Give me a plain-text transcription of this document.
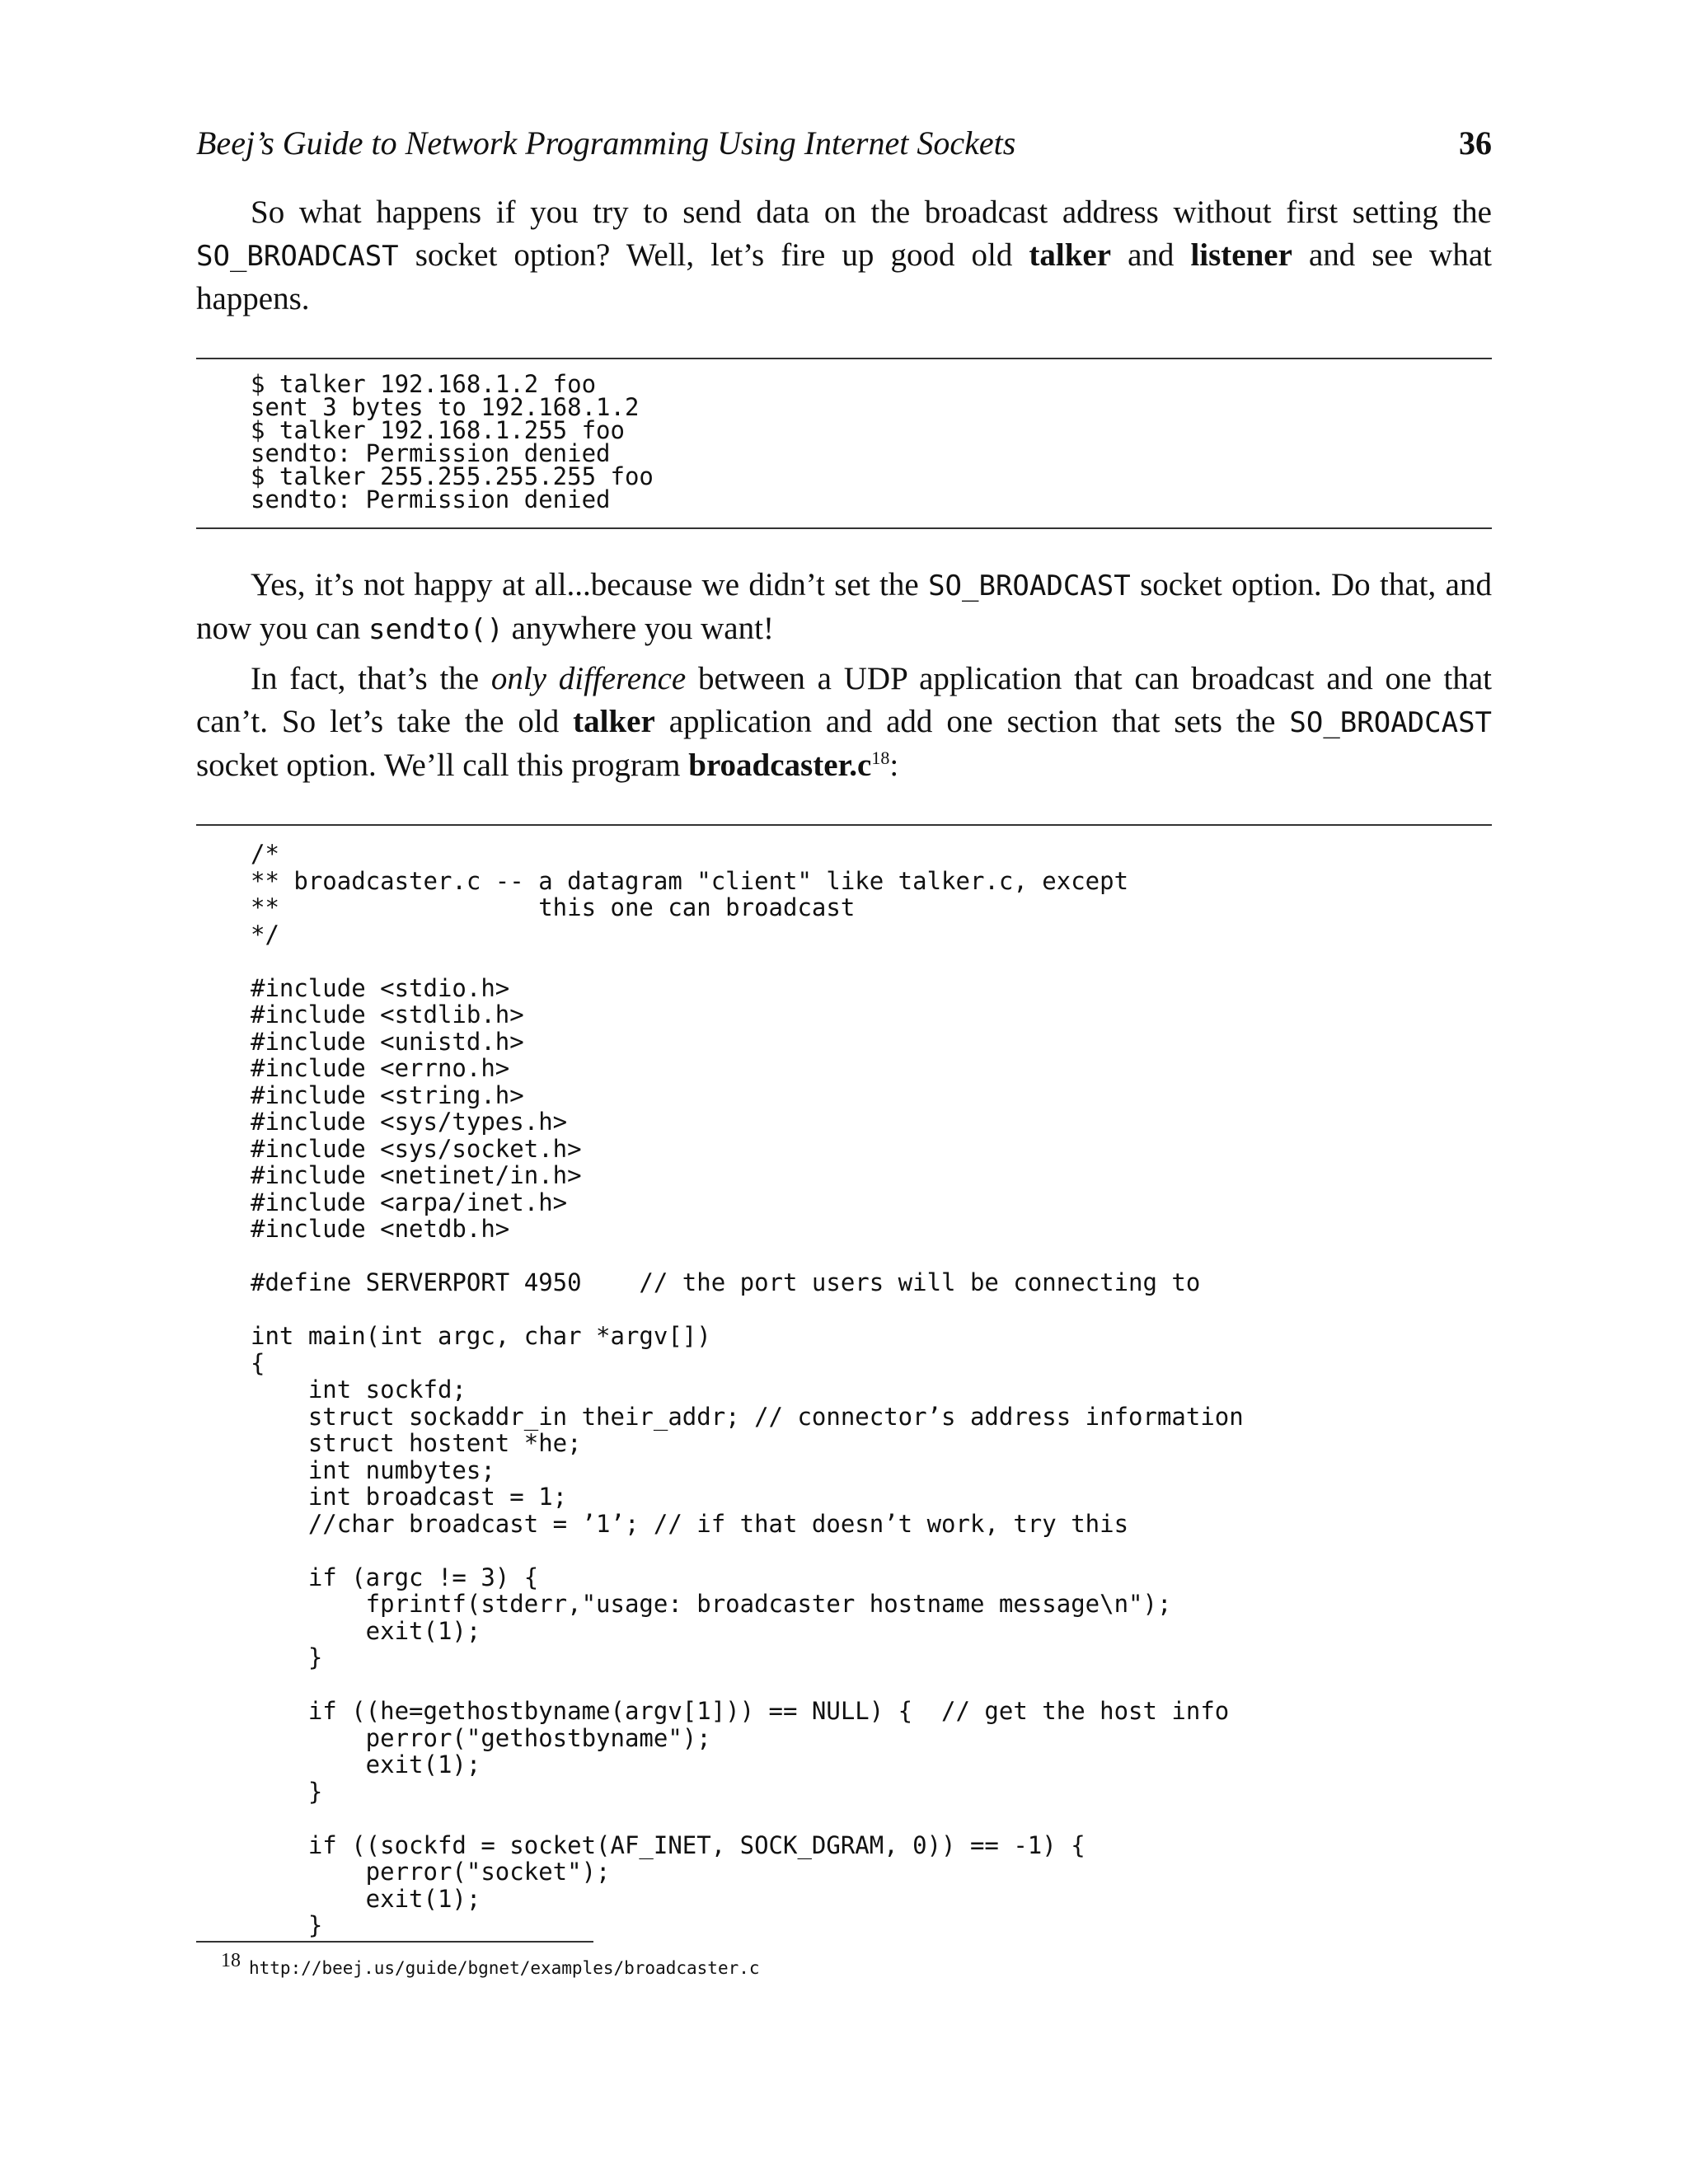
Beej’s Guide to Network Programming Using Internet Sockets	36

So what happens if you try to send data on the broadcast address without first setting the SO_BROADCAST socket option? Well, let’s fire up good old talker and listener and see what happens.

$ talker 192.168.1.2 foo
sent 3 bytes to 192.168.1.2
$ talker 192.168.1.255 foo
sendto: Permission denied
$ talker 255.255.255.255 foo
sendto: Permission denied

Yes, it’s not happy at all...because we didn’t set the SO_BROADCAST socket option. Do that, and now you can sendto() anywhere you want!

In fact, that’s the only difference between a UDP application that can broadcast and one that can’t. So let’s take the old talker application and add one section that sets the SO_BROADCAST socket option. We’ll call this program $broadcaster.c^{18}$:

/*
** broadcaster.c -- a datagram "client" like talker.c, except
**                  this one can broadcast
*/
#include <stdio.h>
#include <stdlib.h>
#include <unistd.h>
#include <errno.h>
#include <string.h>
#include <sys/types.h>
#include <sys/socket.h>
#include <netinet/in.h>
#include <arpa/inet.h>
#include <netdb.h>
#define SERVERPORT 4950    // the port users will be connecting to
int main(int argc, char *argv[])
{
int sockfd;
struct sockaddr_in their_addr; // connector’s address information
struct hostent *he;
int numbytes;
int broadcast = 1;
//char broadcast = ’1’; // if that doesn’t work, try this
if (argc != 3) {
fprintf(stderr,"usage: broadcaster hostname message\n");
exit(1);
}
if ((he=gethostbyname(argv[1])) == NULL) {  // get the host info
perror("gethostbyname");
exit(1);
}
if ((sockfd = socket(AF_INET, SOCK_DGRAM, 0)) == -1) {
perror("socket");
exit(1);
}
18 http://beej.us/guide/bgnet/examples/broadcaster.c
